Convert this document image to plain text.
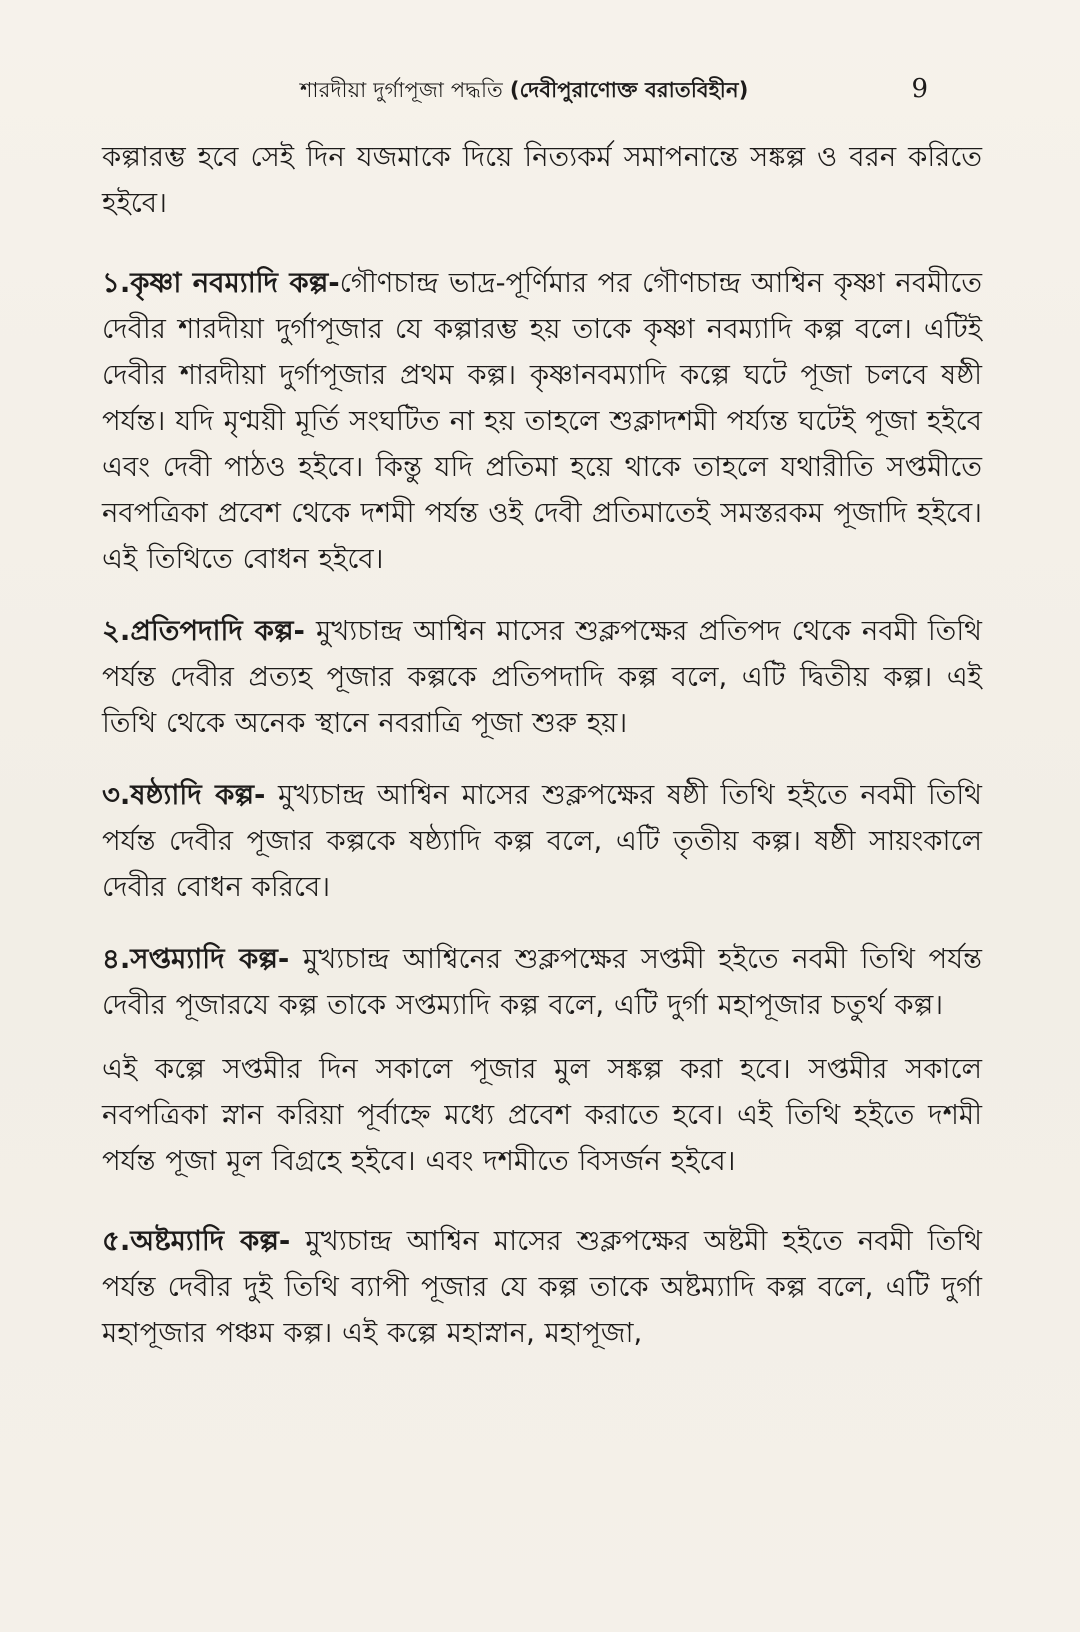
শারদীয়া দুর্গাপূজা পদ্ধতি (দেবীপুরাণোক্ত বরাতবিহীন)	9

কল্পারম্ভ হবে সেই দিন যজমাকে দিয়ে নিত্যকর্ম সমাপনান্তে সঙ্কল্প ও বরন করিতে হইবে।

১.কৃষ্ণা নবম্যাদি কল্প-গৌণচান্দ্র ভাদ্র-পূর্ণিমার পর গৌণচান্দ্র আশ্বিন কৃষ্ণা নবমীতে দেবীর শারদীয়া দুর্গাপূজার যে কল্পারম্ভ হয় তাকে কৃষ্ণা নবম্যাদি কল্প বলে। এটিই দেবীর শারদীয়া দুর্গাপূজার প্রথম কল্প। কৃষ্ণানবম্যাদি কল্পে ঘটে পূজা চলবে ষষ্ঠী পর্যন্ত। যদি মৃণ্ময়ী মূর্তি সংঘটিত না হয় তাহলে শুক্লাদশমী পর্য্যন্ত ঘটেই পূজা হইবে এবং দেবী পাঠও হইবে। কিন্তু যদি প্রতিমা হয়ে থাকে তাহলে যথারীতি সপ্তমীতে নবপত্রিকা প্রবেশ থেকে দশমী পর্যন্ত ওই দেবী প্রতিমাতেই সমস্তরকম পূজাদি হইবে। এই তিথিতে বোধন হইবে।

২.প্রতিপদাদি কল্প- মুখ্যচান্দ্র আশ্বিন মাসের শুক্লপক্ষের প্রতিপদ থেকে নবমী তিথি পর্যন্ত দেবীর প্রত্যহ পূজার কল্পকে প্রতিপদাদি কল্প বলে, এটি দ্বিতীয় কল্প। এই তিথি থেকে অনেক স্থানে নবরাত্রি পূজা শুরু হয়।

৩.ষষ্ঠ্যাদি কল্প- মুখ্যচান্দ্র আশ্বিন মাসের শুক্লপক্ষের ষষ্ঠী তিথি হইতে নবমী তিথি পর্যন্ত দেবীর পূজার কল্পকে ষষ্ঠ্যাদি কল্প বলে, এটি তৃতীয় কল্প। ষষ্ঠী সায়ংকালে দেবীর বোধন করিবে।

৪.সপ্তম্যাদি কল্প- মুখ্যচান্দ্র আশ্বিনের শুক্লপক্ষের সপ্তমী হইতে নবমী তিথি পর্যন্ত দেবীর পূজারযে কল্প তাকে সপ্তম্যাদি কল্প বলে, এটি দুর্গা মহাপূজার চতুর্থ কল্প।

এই কল্পে সপ্তমীর দিন সকালে পূজার মুল সঙ্কল্প করা হবে। সপ্তমীর সকালে নবপত্রিকা স্নান করিয়া পূর্বাহ্নে মধ্যে প্রবেশ করাতে হবে। এই তিথি হইতে দশমী পর্যন্ত পূজা মূল বিগ্রহে হইবে। এবং দশমীতে বিসর্জন হইবে।

৫.অষ্টম্যাদি কল্প- মুখ্যচান্দ্র আশ্বিন মাসের শুক্লপক্ষের অষ্টমী হইতে নবমী তিথি পর্যন্ত দেবীর দুই তিথি ব্যাপী পূজার যে কল্প তাকে অষ্টম্যাদি কল্প বলে, এটি দুর্গা মহাপূজার পঞ্চম কল্প। এই কল্পে মহাস্নান, মহাপূজা,
